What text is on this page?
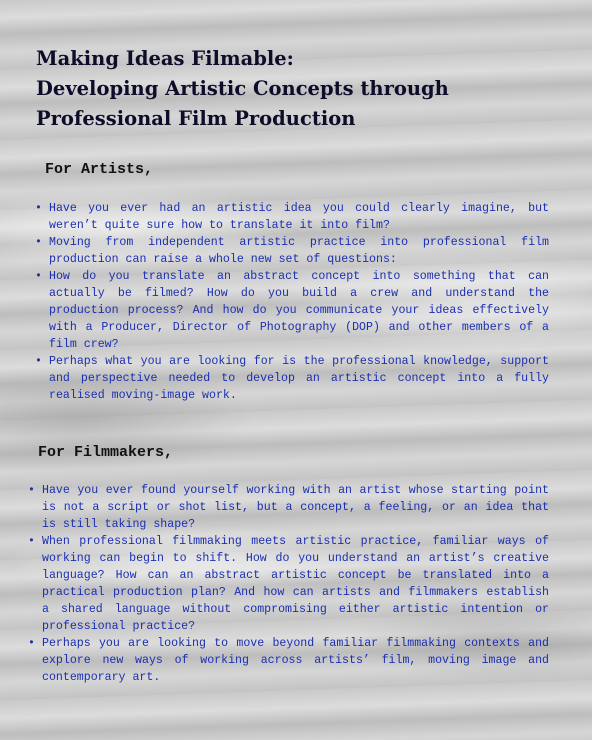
Making Ideas Filmable:
Developing Artistic Concepts through
Professional Film Production
For Artists,
• Have you ever had an artistic idea you could clearly imagine, but weren’t quite sure how to translate it into film?
• Moving from independent artistic practice into professional film production can raise a whole new set of questions:
• How do you translate an abstract concept into something that can actually be filmed? How do you build a crew and understand the production process? And how do you communicate your ideas effectively with a Producer, Director of Photography (DOP) and other members of a film crew?
• Perhaps what you are looking for is the professional knowledge, support and perspective needed to develop an artistic concept into a fully realised moving-image work.
For Filmmakers,
• Have you ever found yourself working with an artist whose starting point is not a script or shot list, but a concept, a feeling, or an idea that is still taking shape?
• When professional filmmaking meets artistic practice, familiar ways of working can begin to shift. How do you understand an artist’s creative language? How can an abstract artistic concept be translated into a practical production plan? And how can artists and filmmakers establish a shared language without compromising either artistic intention or professional practice?
• Perhaps you are looking to move beyond familiar filmmaking contexts and explore new ways of working across artists’ film, moving image and contemporary art.
